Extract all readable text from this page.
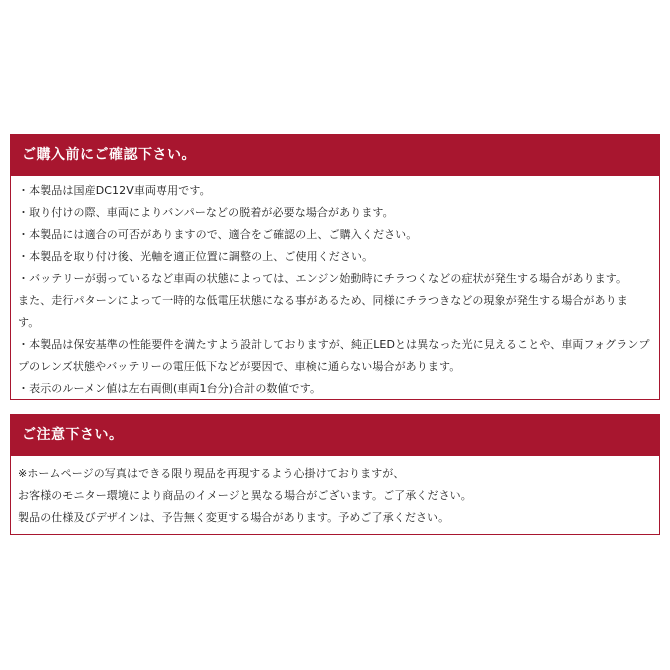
ご購入前にご確認下さい。
・本製品は国産DC12V車両専用です。
・取り付けの際、車両によりバンパーなどの脱着が必要な場合があります。
・本製品には適合の可否がありますので、適合をご確認の上、ご購入ください。
・本製品を取り付け後、光軸を適正位置に調整の上、ご使用ください。
・バッテリーが弱っているなど車両の状態によっては、エンジン始動時にチラつくなどの症状が発生する場合があります。
また、走行パターンによって一時的な低電圧状態になる事があるため、同様にチラつきなどの現象が発生する場合がありま
す。
・本製品は保安基準の性能要件を満たすよう設計しておりますが、純正LEDとは異なった光に見えることや、車両フォグランプ
プのレンズ状態やバッテリーの電圧低下などが要因で、車検に通らない場合があります。
・表示のルーメン値は左右両側(車両1台分)合計の数値です。
ご注意下さい。
※ホームページの写真はできる限り現品を再現するよう心掛けておりますが、
お客様のモニター環境により商品のイメージと異なる場合がございます。ご了承ください。
製品の仕様及びデザインは、予告無く変更する場合があります。予めご了承ください。
